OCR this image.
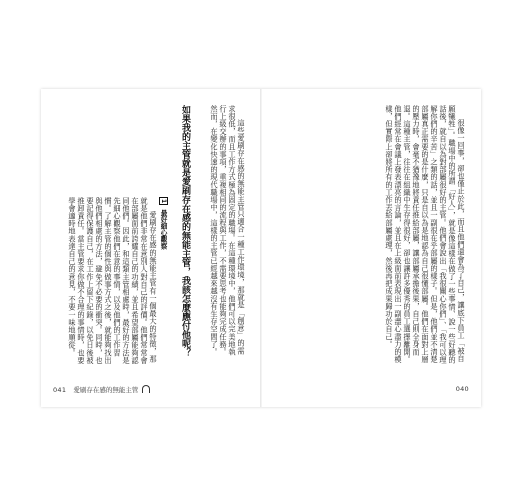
這些愛刷存在感的無能主管只適合一種工作環境，那就是「創意」的需求很低，而且工作方式極為固定的職場。在這種環境中，他們可以完美地執行上級交辦的事項，重複相同的流程與工作，不需要思考也能夠完成任務。然而，在變化快速的現代職場中，這樣的主管已經越來越沒有生存空間了。

如果我的主管就是愛刷存在感的無能主管，我該怎麼應付他呢？
1 最好細心觀察

愛刷存在感的無能主管有一個最大的特徵，那就是他們非常在意別人對自己的評價。他們常常會在部屬面前誇耀自己的功績，並且希望部屬能夠認同他們。因此，和這類主管相處時，最好的方法是先細心觀察他們在意的事情，以及他們的工作習慣。了解主管的個性與做事方式之後，就能夠找出與他們相處的方法，避免不必要的衝突。同時，也要記得保護自己，在工作上留下紀錄，以免日後被推卸責任。當主管要求你做不合理的事情時，也要學會適時地表達自己的意見，不要一味地順從。

041 愛刷存在感的無能主管

很像一回事，卻也僅止於此，而且他們還會為了自己，讓底下員工「被自願犧牲」。職場中的所謂「好人」，就是像這樣在做了一些事情、說一些好聽的話後，就自以為對部屬很好的主管。他們會說出「我很關心你們」、「我可以理解你們的辛苦」之類的話，並且一副很在乎部屬的樣子。但是，他們並不清楚部屬真正需要的是什麼，只是自以為是地認為自己很懂部屬。他們在面對上層的壓力時，會毫不猶豫地將責任推給部屬，讓部屬承擔後果，自己則全身而退。這種主管，往往在組織中生存得很好，卻也讓許多優秀的員工選擇離開。他們經常在會議上發表漂亮的言論，並且在上級面前表現出一副盡心盡力的模樣，但實際上卻將所有的工作丟給部屬處理，然後再把成果歸功於自己。

040
